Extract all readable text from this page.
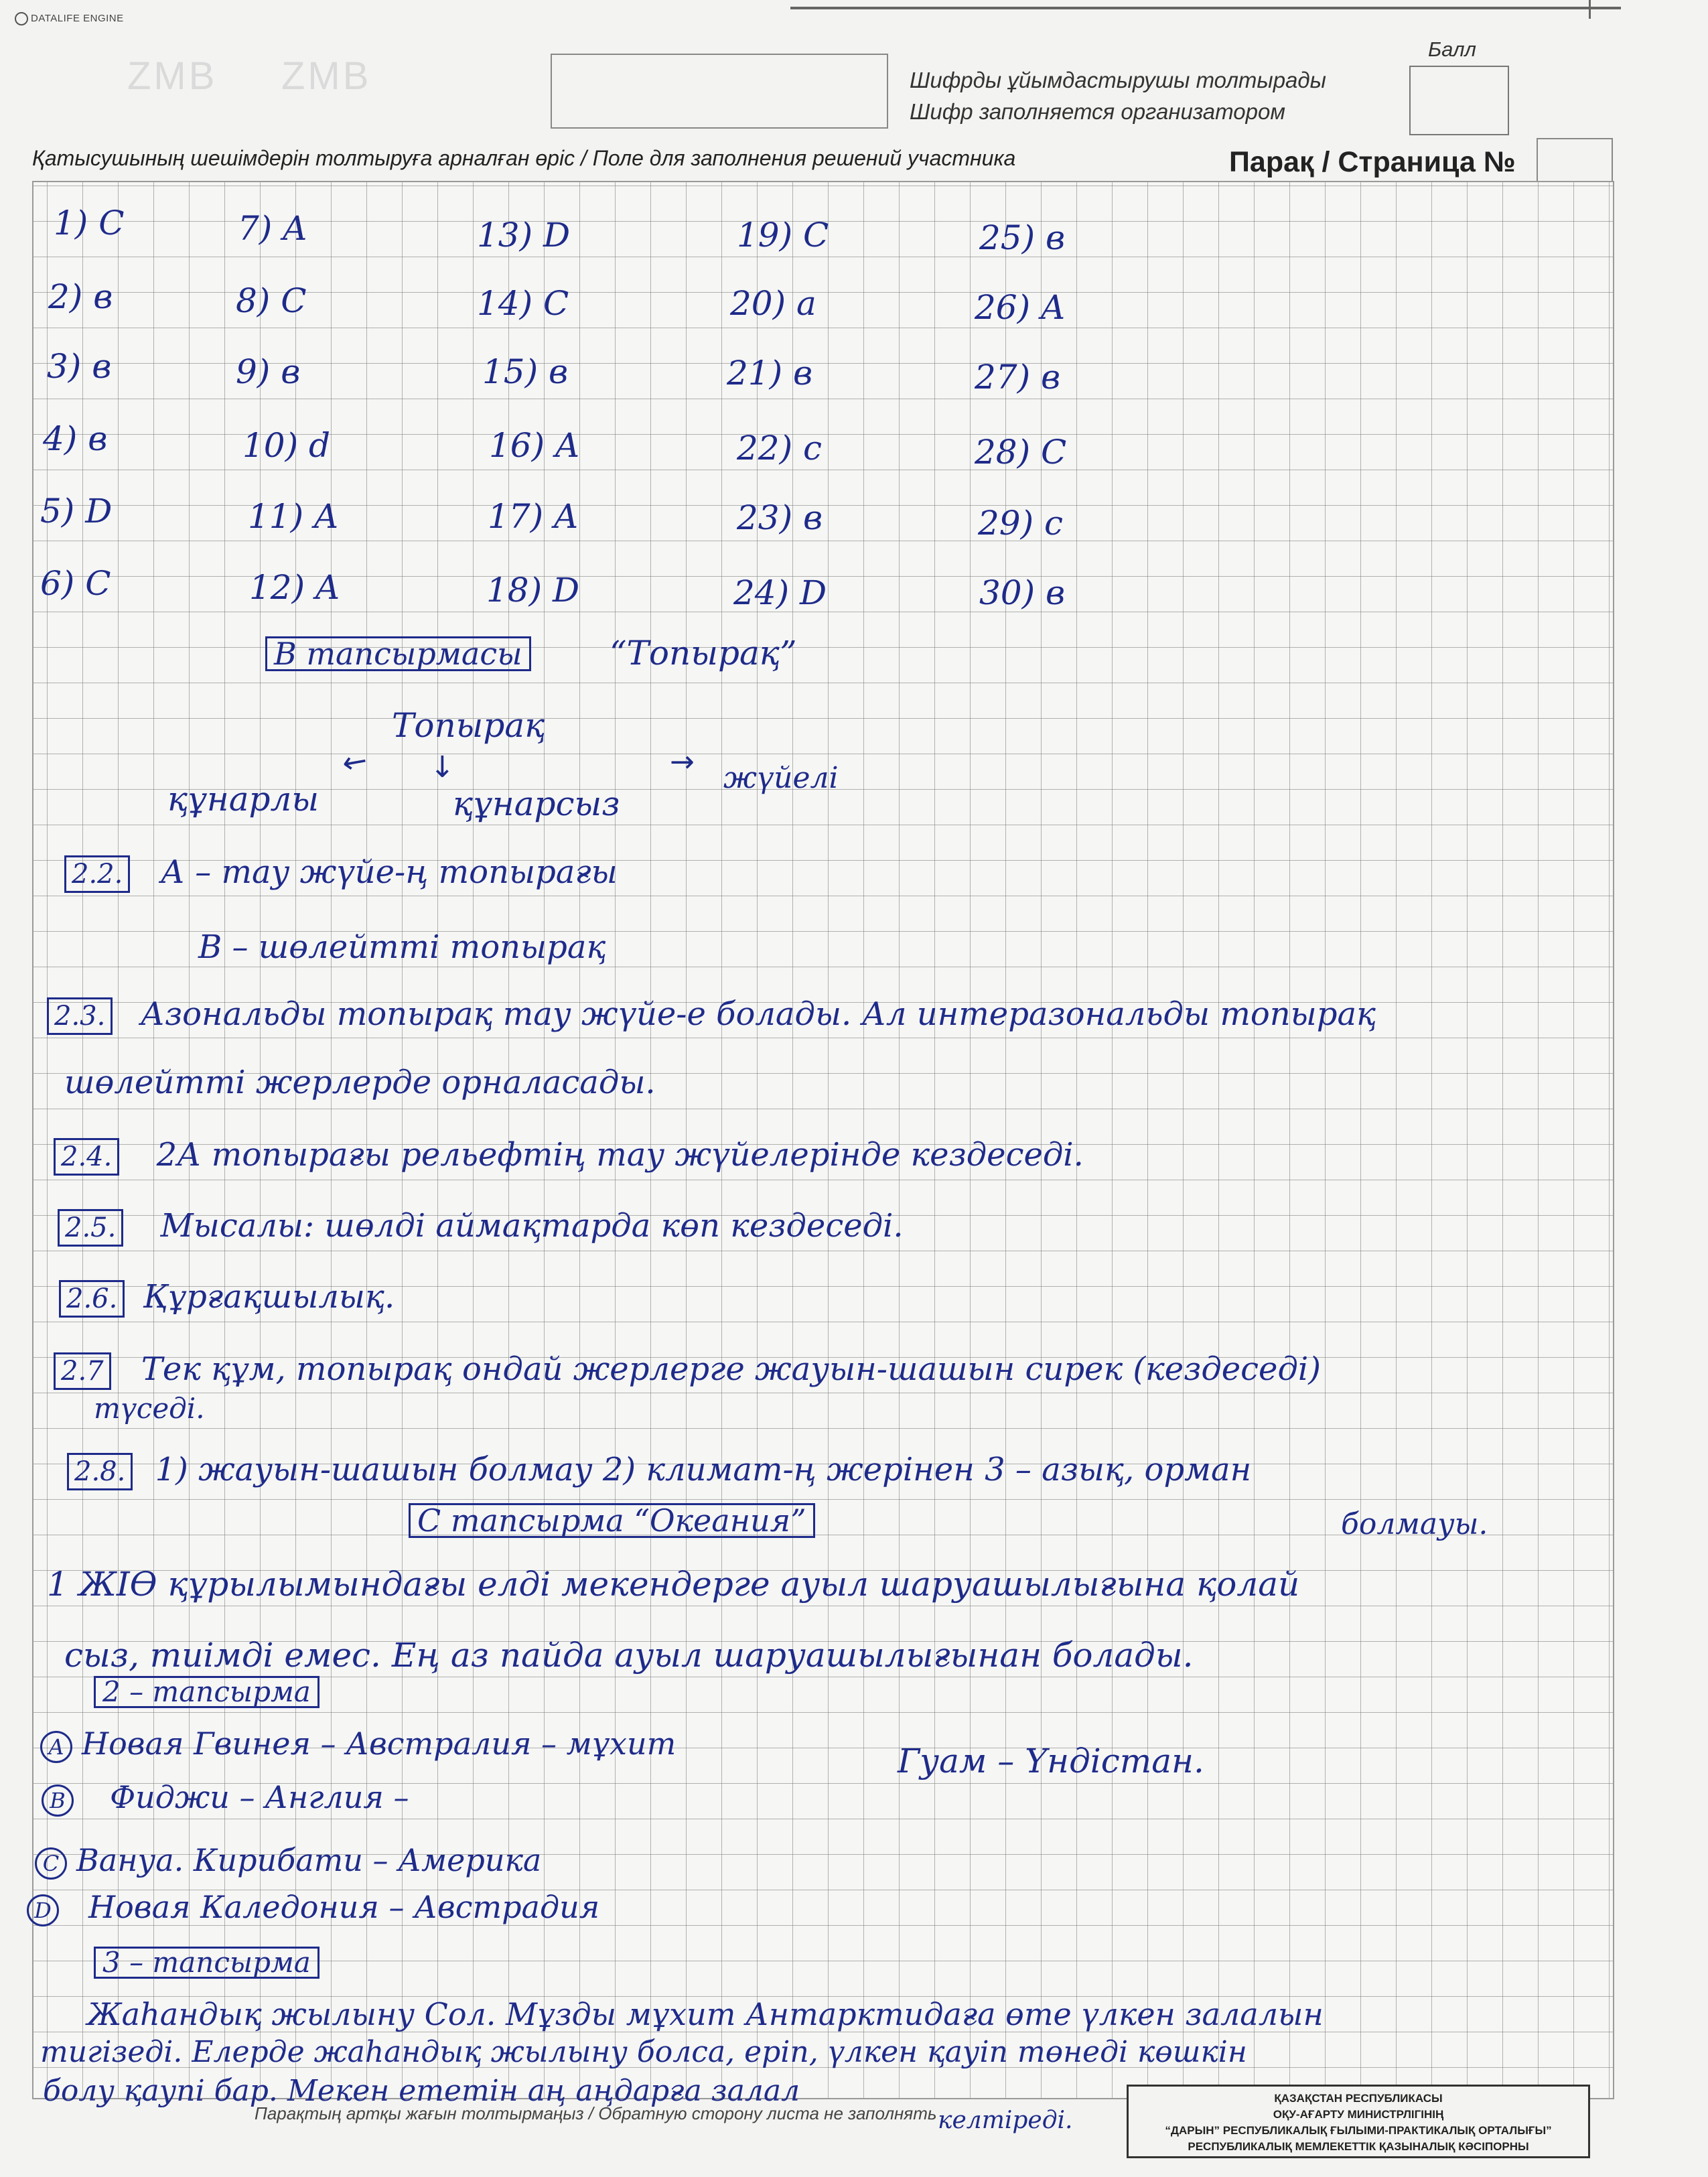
DATALIFE ENGINE
ZMB ZMB	Шифрды ұйымдастырушы толтырады
Шифр заполняется организатором
Балл
Қатысушының шешімдерін толтыруға арналған өріс / Поле для заполнения решений участника	Парақ / Страница №
1) C
2) в
3) в
4) в
5) D
6) C
7) A
8) C
9) в
10) d
11) A
12) A
13) D
14) C
15) в
16) A
17) A
18) D
19) C
20) a
21) в
22) c
23) в
24) D
25) в
26) A
27) в
28) C
29) c
30) в
В тапсырмасы	“Топырақ”
Топырақ
↙ ↓	→
құнарлы	құнарсыз
жүйелі
2.2. А – тау жүйе-ң топырағы
В – шөлейтті топырақ
2.3. Азональды топырақ тау жүйе-е болады. Ал интеразональды топырақ
шөлейтті жерлерде орналасады.
2.4. 2А топырағы рельефтің тау жүйелерінде кездеседі.
2.5. Мысалы: шөлді аймақтарда көп кездеседі.
2.6. Құрғақшылық.
2.7 Тек құм, топырақ ондай жерлерге жауын-шашын сирек (кездеседі)
түседі.
2.8. 1) жауын-шашын болмау 2) климат-ң жерінен 3 – азық, орман
болмауы.
С тапсырма “Океания”
1 ЖІӨ құрылымындағы елді мекендерге ауыл шаруашылығына қолай
сыз, тиімді емес. Ең аз пайда ауыл шаруашылығынан болады.
2 – тапсырма
A Новая Гвинея – Австралия – мұхит	Гуам – Үндістан.
B Фиджи – Англия –
C Вануа. Кирибати – Америка
D Новая Каледония – Австрадия
3 – тапсырма
Жаһандық жылыну Сол. Мұзды мұхит Антарктидаға өте үлкен залалын
тигізеді. Елерде жаһандық жылыну болса, еріп, үлкен қауіп төнеді көшкін
болу қаупі бар. Мекен ететін аң аңдарға залал
келтіреді.
Парақтың артқы жағын толтырмаңыз / Обратную сторону листа не заполнять
ҚАЗАҚСТАН РЕСПУБЛИКАСЫ
ОҚУ-АҒАРТУ МИНИСТРЛІГІНІҢ
“ДАРЫН” РЕСПУБЛИКАЛЫҚ ҒЫЛЫМИ-ПРАКТИКАЛЫҚ ОРТАЛЫҒЫ”
РЕСПУБЛИКАЛЫҚ МЕМЛЕКЕТТІК ҚАЗЫНАЛЫҚ КӘСІПОРНЫ
